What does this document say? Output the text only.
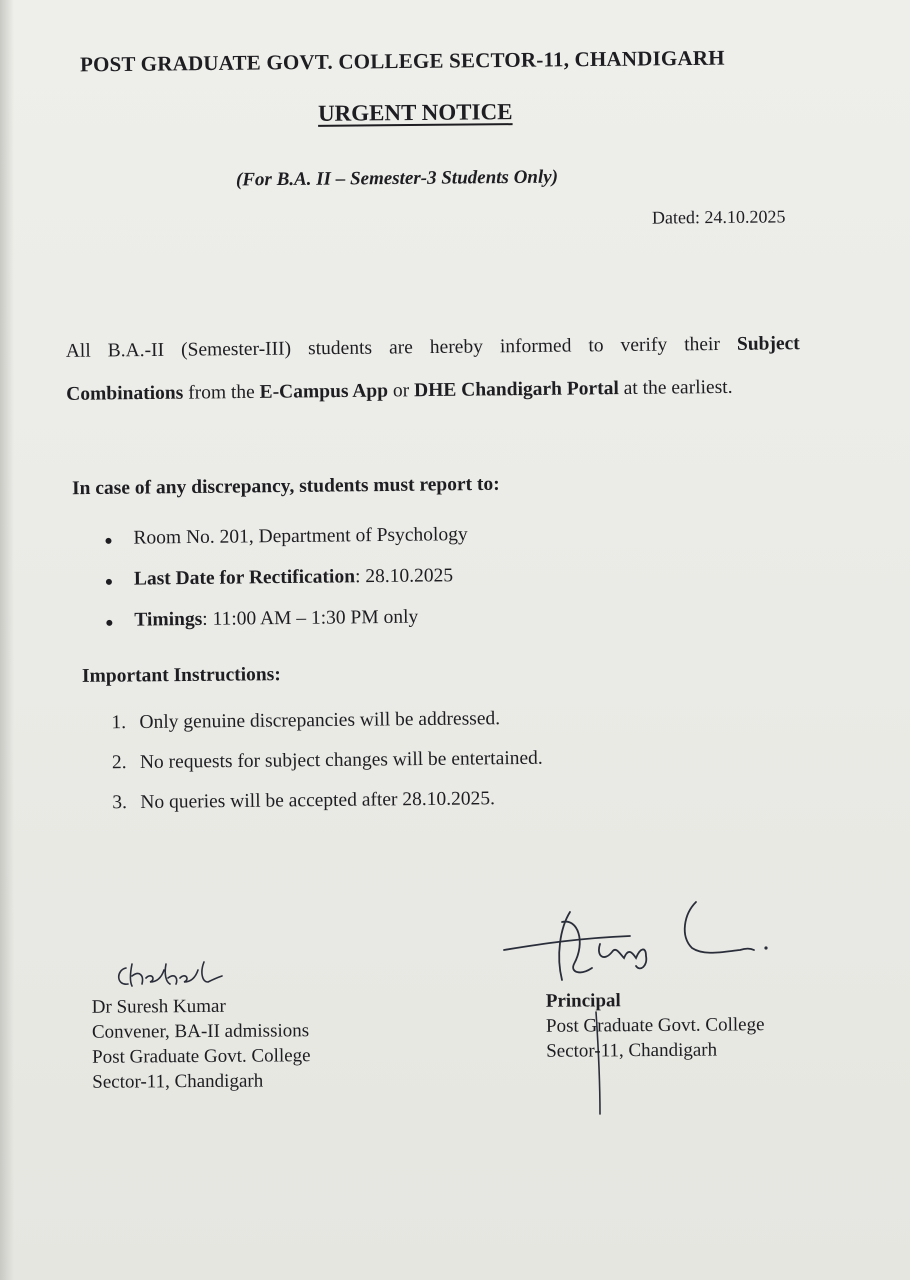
POST GRADUATE GOVT. COLLEGE SECTOR-11, CHANDIGARH
URGENT NOTICE
(For B.A. II – Semester-3 Students Only)
Dated: 24.10.2025

All B.A.-II (Semester-III) students are hereby informed to verify their Subject Combinations from the E-Campus App or DHE Chandigarh Portal at the earliest.

In case of any discrepancy, students must report to:
Room No. 201, Department of Psychology
Last Date for Rectification: 28.10.2025
Timings: 11:00 AM – 1:30 PM only
Important Instructions:
1. Only genuine discrepancies will be addressed.
2. No requests for subject changes will be entertained.
3. No queries will be accepted after 28.10.2025.
Dr Suresh Kumar
Convener, BA-II admissions
Post Graduate Govt. College
Sector-11, Chandigarh
Principal
Post Graduate Govt. College
Sector-11, Chandigarh
